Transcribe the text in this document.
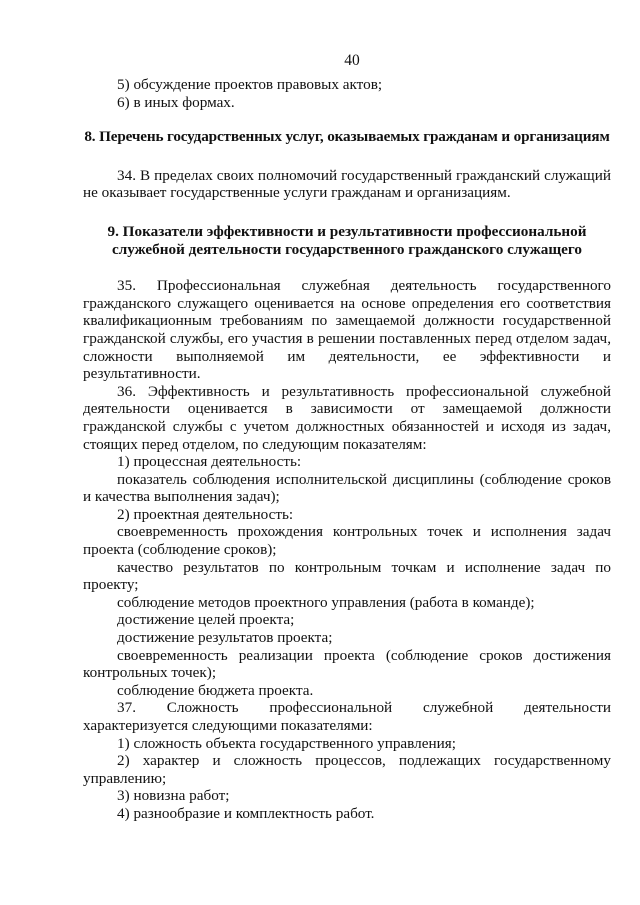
40

5) обсуждение проектов правовых актов;

6) в иных формах.

8. Перечень государственных услуг, оказываемых гражданам и организациям

34. В пределах своих полномочий государственный гражданский служащий не оказывает государственные услуги гражданам и организациям.

9. Показатели эффективности и результативности профессиональной
служебной деятельности государственного гражданского служащего

35. Профессиональная служебная деятельность государственного гражданского служащего оценивается на основе определения его соответствия квалификационным требованиям по замещаемой должности государственной гражданской службы, его участия в решении поставленных перед отделом задач, сложности выполняемой им деятельности, ее эффективности и результативности.

36. Эффективность и результативность профессиональной служебной деятельности оценивается в зависимости от замещаемой должности гражданской службы с учетом должностных обязанностей и исходя из задач, стоящих перед отделом, по следующим показателям:

1) процессная деятельность:

показатель соблюдения исполнительской дисциплины (соблюдение сроков и качества выполнения задач);

2) проектная деятельность:

своевременность прохождения контрольных точек и исполнения задач проекта (соблюдение сроков);

качество результатов по контрольным точкам и исполнение задач по проекту;

соблюдение методов проектного управления (работа в команде);

достижение целей проекта;

достижение результатов проекта;

своевременность реализации проекта (соблюдение сроков достижения контрольных точек);

соблюдение бюджета проекта.

37. Сложность профессиональной служебной деятельности характеризуется следующими показателями:

1) сложность объекта государственного управления;

2) характер и сложность процессов, подлежащих государственному управлению;

3) новизна работ;

4) разнообразие и комплектность работ.
